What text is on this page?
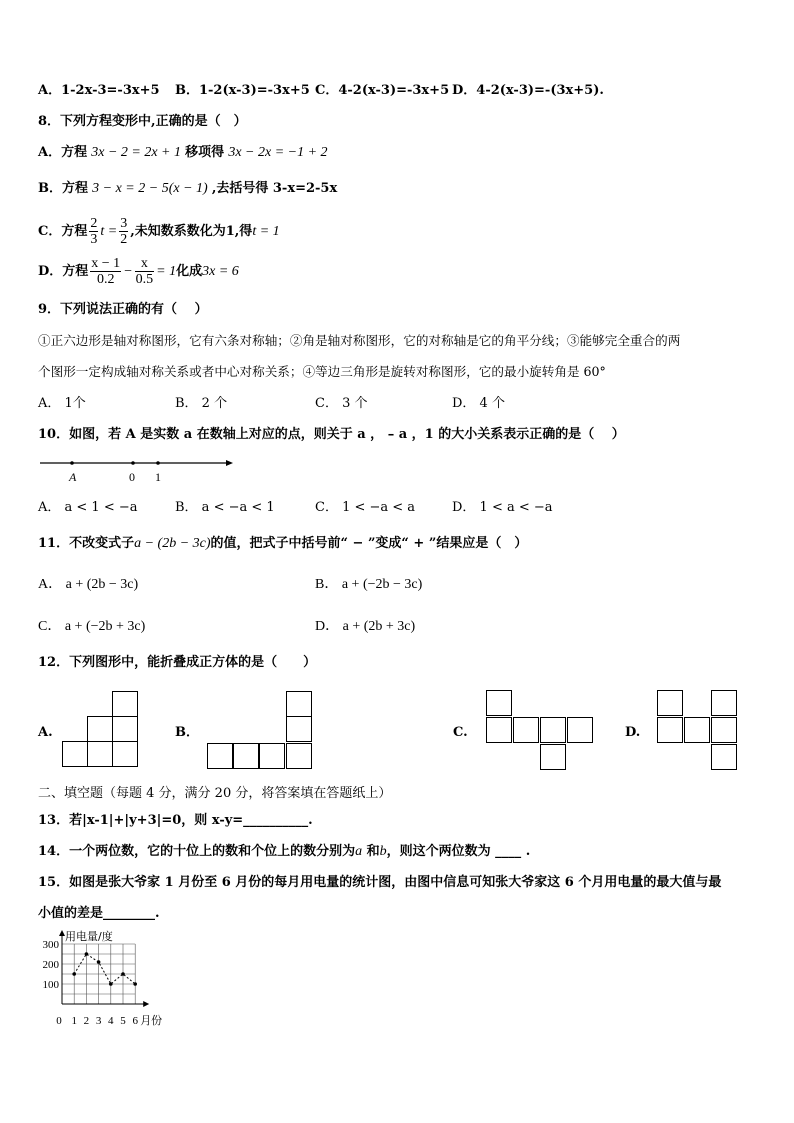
A．1-2x-3=-3x+5 B．1-2(x-3)=-3x+5 C．4-2(x-3)=-3x+5 D．4-2(x-3)=-(3x+5).
8．下列方程变形中,正确的是（　）
A．方程 3x − 2 = 2x + 1 移项得 3x − 2x = −1 + 2
B．方程 3 − x = 2 − 5(x − 1) ,去括号得 3-x=2-5x
C．方程 $\frac{2}{3}$ $t = \frac{3}{2}$ ,未知数系数化为1,得t = 1
D．方程 $\frac{x - 1}{0.2} - \frac{x}{0.5} = 1$化成3x = 6
9．下列说法正确的有（　 ）
①正六边形是轴对称图形，它有六条对称轴；②角是轴对称图形，它的对称轴是它的角平分线；③能够完全重合的两
个图形一定构成轴对称关系或者中心对称关系；④等边三角形是旋转对称图形，它的最小旋转角是 60°
A． 1个	B． 2 个	C． 3 个	D． 4 个
10．如图，若 A 是实数 a 在数轴上对应的点，则关于 a ， – a ，1 的大小关系表示正确的是（　 ）
A	0 1
A． a < 1 < −a	B． a < −a < 1	C． 1 < −a < a	D． 1 < a < −a
11．不改变式子a − (2b − 3c)的值，把式子中括号前“ − ”变成“ + ”结果应是（　）
A． a + (2b − 3c)	B． a + (−2b − 3c)
C． a + (−2b + 3c)	D． a + (2b + 3c)
12．下列图形中，能折叠成正方体的是（　　）
A.	B．	C.	D.
二、填空题（每题 4 分，满分 20 分，将答案填在答题纸上）
13．若|x-1|+|y+3|=0，则 x-y=__________.
14．一个两位数，它的十位上的数和个位上的数分别为a 和b，则这个两位数为 ____ .
15．如图是张大爷家 1 月份至 6 月份的每月用电量的统计图，由图中信息可知张大爷家这 6 个月用电量的最大值与最
小值的差是________.
用电量/度
月份
100
200
300
0 1 2 3 4 5 6
